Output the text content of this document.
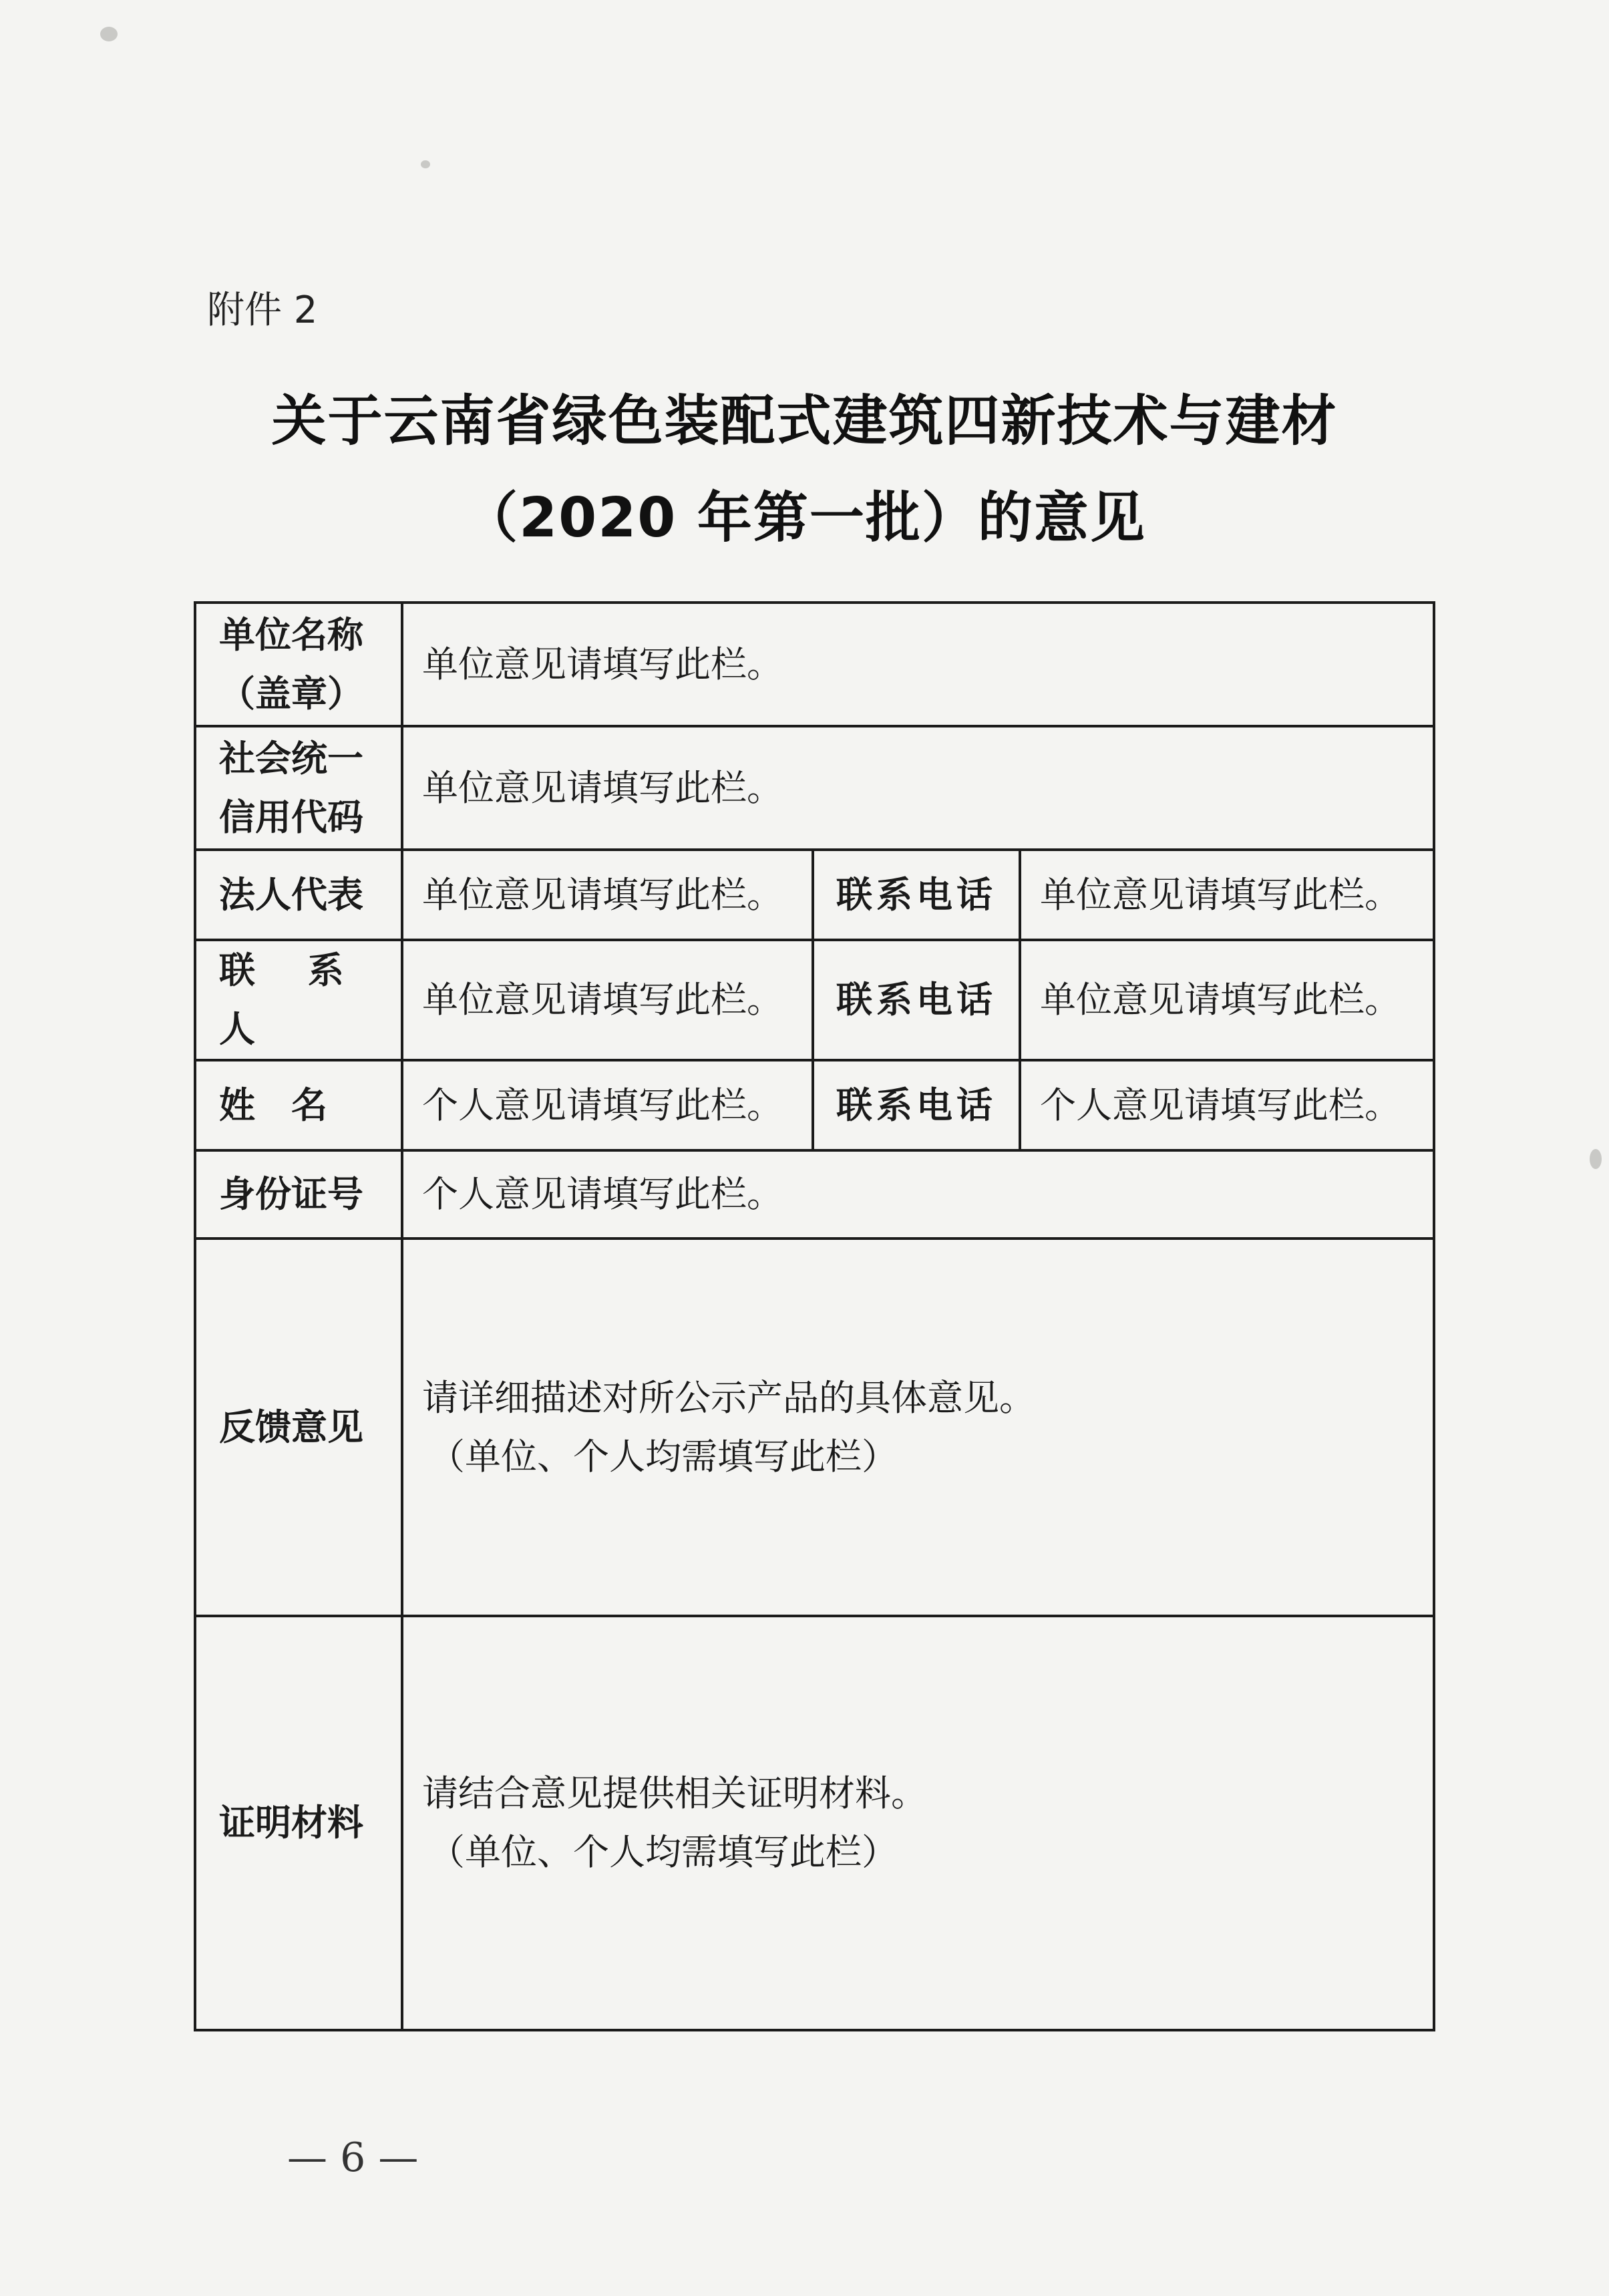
附件 2
关于云南省绿色装配式建筑四新技术与建材
（2020 年第一批）的意见
单位名称
（盖章）	单位意见请填写此栏。		

社会统一
信用代码	单位意见请填写此栏。		
法人代表	单位意见请填写此栏。	联系电话	单位意见请填写此栏。
联 系 人	单位意见请填写此栏。	联系电话	单位意见请填写此栏。
姓　名	个人意见请填写此栏。	联系电话	个人意见请填写此栏。
身份证号	个人意见请填写此栏。		
反馈意见	请详细描述对所公示产品的具体意见。
（单位、个人均需填写此栏）		

证明材料	请结合意见提供相关证明材料。
（单位、个人均需填写此栏）		
— 6 —
